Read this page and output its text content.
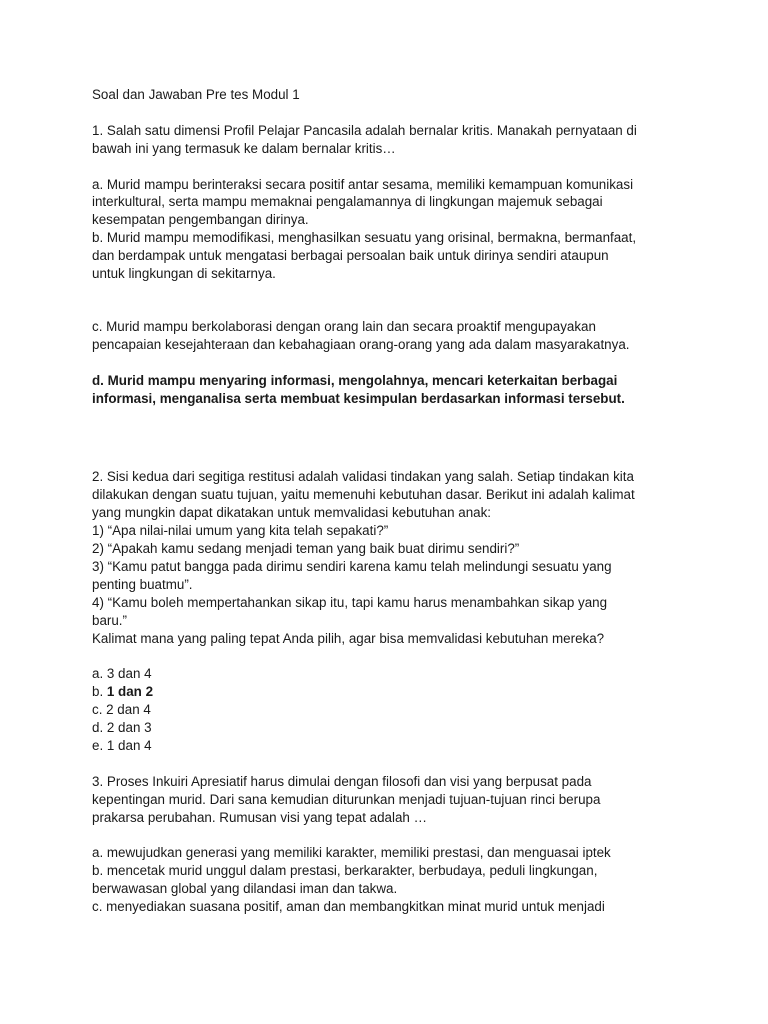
Soal dan Jawaban Pre tes Modul 1
1. Salah satu dimensi Profil Pelajar Pancasila adalah bernalar kritis. Manakah pernyataan di
bawah ini yang termasuk ke dalam bernalar kritis…
a. Murid mampu berinteraksi secara positif antar sesama, memiliki kemampuan komunikasi
interkultural, serta mampu memaknai pengalamannya di lingkungan majemuk sebagai
kesempatan pengembangan dirinya.
b. Murid mampu memodifikasi, menghasilkan sesuatu yang orisinal, bermakna, bermanfaat,
dan berdampak untuk mengatasi berbagai persoalan baik untuk dirinya sendiri ataupun
untuk lingkungan di sekitarnya.
c. Murid mampu berkolaborasi dengan orang lain dan secara proaktif mengupayakan
pencapaian kesejahteraan dan kebahagiaan orang-orang yang ada dalam masyarakatnya.
d. Murid mampu menyaring informasi, mengolahnya, mencari keterkaitan berbagai
informasi, menganalisa serta membuat kesimpulan berdasarkan informasi tersebut.
2. Sisi kedua dari segitiga restitusi adalah validasi tindakan yang salah. Setiap tindakan kita
dilakukan dengan suatu tujuan, yaitu memenuhi kebutuhan dasar. Berikut ini adalah kalimat
yang mungkin dapat dikatakan untuk memvalidasi kebutuhan anak:
1) “Apa nilai-nilai umum yang kita telah sepakati?”
2) “Apakah kamu sedang menjadi teman yang baik buat dirimu sendiri?”
3) “Kamu patut bangga pada dirimu sendiri karena kamu telah melindungi sesuatu yang
penting buatmu”.
4) “Kamu boleh mempertahankan sikap itu, tapi kamu harus menambahkan sikap yang
baru.”
Kalimat mana yang paling tepat Anda pilih, agar bisa memvalidasi kebutuhan mereka?
a. 3 dan 4
b. 1 dan 2
c. 2 dan 4
d. 2 dan 3
e. 1 dan 4
3. Proses Inkuiri Apresiatif harus dimulai dengan filosofi dan visi yang berpusat pada
kepentingan murid. Dari sana kemudian diturunkan menjadi tujuan-tujuan rinci berupa
prakarsa perubahan. Rumusan visi yang tepat adalah …
a. mewujudkan generasi yang memiliki karakter, memiliki prestasi, dan menguasai iptek
b. mencetak murid unggul dalam prestasi, berkarakter, berbudaya, peduli lingkungan,
berwawasan global yang dilandasi iman dan takwa.
c. menyediakan suasana positif, aman dan membangkitkan minat murid untuk menjadi
